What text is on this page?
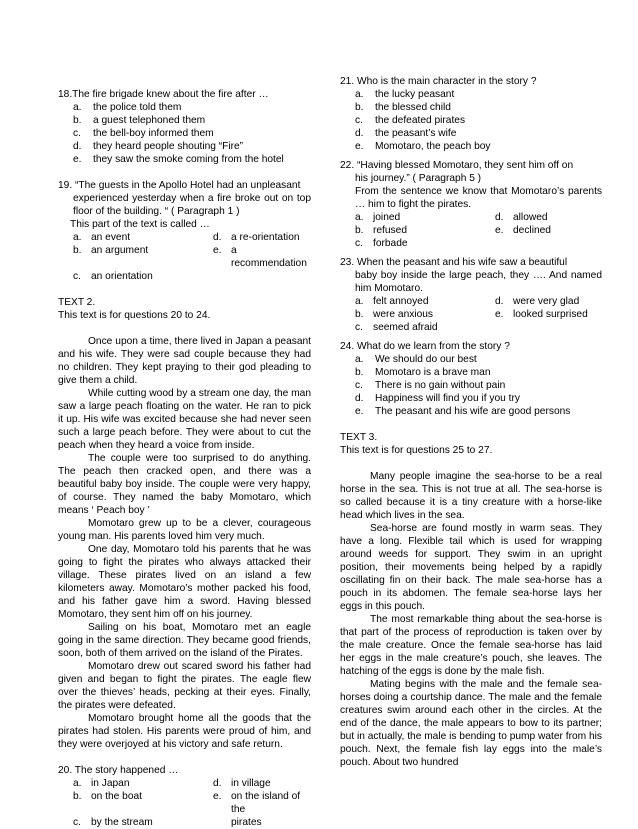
18.The fire brigade knew about the fire after …

a.	the police told them
b.	a guest telephoned them
c.	the bell-boy informed them
d.	they heard people shouting “Fire”
e.	they saw the smoke coming from the hotel

19. “The guests in the Apollo Hotel had an unpleasant

experienced yesterday when a fire broke out on top floor of the building. “ ( Paragraph 1 )

This part of the text is called …

a. an event	d. a re-orientation
b. an argument	e. a recommendation
c. an orientation

TEXT 2.

This text is for questions 20 to 24.

Once upon a time, there lived in Japan a peasant and his wife. They were sad couple because they had no children. They kept praying to their god pleading to give them a child.

While cutting wood by a stream one day, the man saw a large peach floating on the water. He ran to pick it up. His wife was excited because she had never seen such a large peach before. They were about to cut the peach when they heard a voice from inside.

The couple were too surprised to do anything. The peach then cracked open, and there was a beautiful baby boy inside. The couple were very happy, of course. They named the baby Momotaro, which means ‘ Peach boy ’

Momotaro grew up to be a clever, courageous young man. His parents loved him very much.

One day, Momotaro told his parents that he was going to fight the pirates who always attacked their village. These pirates lived on an island a few kilometers away. Momotaro’s mother packed his food, and his father gave him a sword. Having blessed Momotaro, they sent him off on his journey.

Sailing on his boat, Momotaro met an eagle going in the same direction. They became good friends, soon, both of them arrived on the island of the Pirates.

Momotaro drew out scared sword his father had given and began to fight the pirates. The eagle flew over the thieves’ heads, pecking at their eyes. Finally, the pirates were defeated.

Momotaro brought home all the goods that the pirates had stolen. His parents were proud of him, and they were overjoyed at his victory and safe return.

20. The story happened …

a. in Japan	d. in village
b. on the boat	e. on the island of the
c. by the stream	pirates

21. Who is the main character in the story ?

a.	the lucky peasant
b.	the blessed child
c.	the defeated pirates
d.	the peasant’s wife
e.	Momotaro, the peach boy

22. “Having blessed Momotaro, they sent him off on

his journey.” ( Paragraph 5 )

From the sentence we know that Momotaro’s parents … him to fight the pirates.

a. joined	d. allowed
b. refused	e. declined
c. forbade

23. When the peasant and his wife saw a beautiful

baby boy inside the large peach, they …. And named him Momotaro.

a. felt annoyed	d. were very glad
b. were anxious	e. looked surprised
c. seemed afraid

24. What do we learn from the story ?

a.	We should do our best
b.	Momotaro is a brave man
c.	There is no gain without pain
d.	Happiness will find you if you try
e.	The peasant and his wife are good persons

TEXT 3.

This text is for questions 25 to 27.

Many people imagine the sea-horse to be a real horse in the sea. This is not true at all. The sea-horse is so called because it is a tiny creature with a horse-like head which lives in the sea.

Sea-horse are found mostly in warm seas. They have a long. Flexible tail which is used for wrapping around weeds for support. They swim in an upright position, their movements being helped by a rapidly oscillating fin on their back. The male sea-horse has a pouch in its abdomen. The female sea-horse lays her eggs in this pouch.

The most remarkable thing about the sea-horse is that part of the process of reproduction is taken over by the male creature. Once the female sea-horse has laid her eggs in the male creature’s pouch, she leaves. The hatching of the eggs is done by the male fish.

Mating begins with the male and the female sea-horses doing a courtship dance. The male and the female creatures swim around each other in the circles. At the end of the dance, the male appears to bow to its partner; but in actually, the male is bending to pump water from his pouch. Next, the female fish lay eggs into the male’s pouch. About two hundred
